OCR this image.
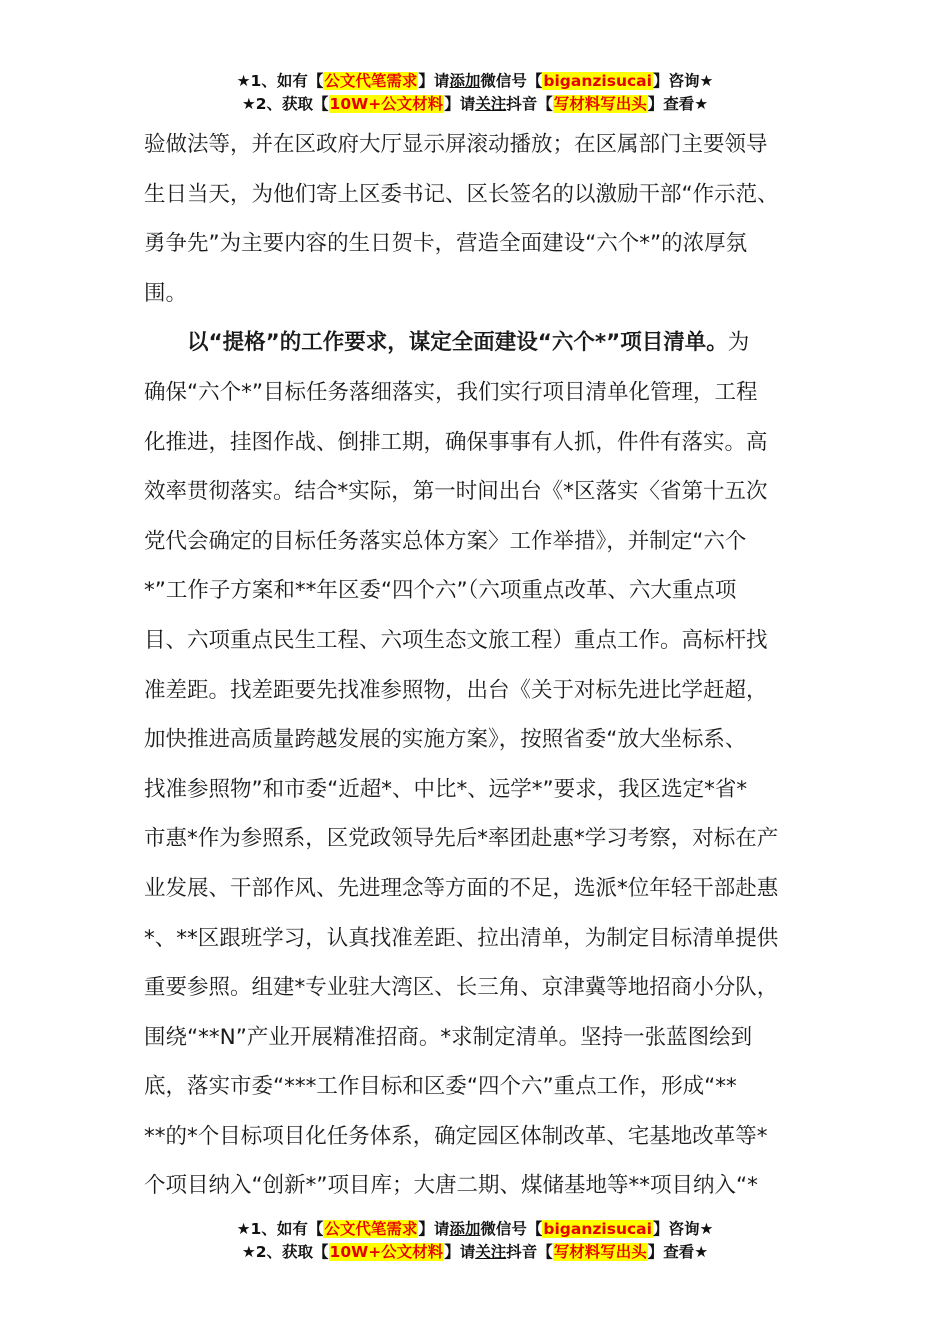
★1、如有【公文代笔需求】请添加微信号【biganzisucai】咨询★
★2、获取【10W+公文材料】请关注抖音【写材料写出头】查看★

验做法等，并在区政府大厅显示屏滚动播放；在区属部门主要领导
生日当天，为他们寄上区委书记、区长签名的以激励干部“作示范、
勇争先”为主要内容的生日贺卡，营造全面建设“六个*”的浓厚氛
围。

　　以“提格”的工作要求，谋定全面建设“六个*”项目清单。为
确保“六个*”目标任务落细落实，我们实行项目清单化管理，工程
化推进，挂图作战、倒排工期，确保事事有人抓，件件有落实。高
效率贯彻落实。结合*实际，第一时间出台《*区落实〈省第十五次
党代会确定的目标任务落实总体方案〉工作举措》，并制定“六个
*”工作子方案和**年区委“四个六”（六项重点改革、六大重点项
目、六项重点民生工程、六项生态文旅工程）重点工作。高标杆找
准差距。找差距要先找准参照物，出台《关于对标先进比学赶超，
加快推进高质量跨越发展的实施方案》，按照省委“放大坐标系、
找准参照物”和市委“近超*、中比*、远学*”要求，我区选定*省*
市惠*作为参照系，区党政领导先后*率团赴惠*学习考察，对标在产
业发展、干部作风、先进理念等方面的不足，选派*位年轻干部赴惠
*、**区跟班学习，认真找准差距、拉出清单，为制定目标清单提供
重要参照。组建*专业驻大湾区、长三角、京津冀等地招商小分队，
围绕“**N”产业开展精准招商。*求制定清单。坚持一张蓝图绘到
底，落实市委“***工作目标和区委“四个六”重点工作，形成“**
**的*个目标项目化任务体系，确定园区体制改革、宅基地改革等*
个项目纳入“创新*”项目库；大唐二期、煤储基地等**项目纳入“*

★1、如有【公文代笔需求】请添加微信号【biganzisucai】咨询★
★2、获取【10W+公文材料】请关注抖音【写材料写出头】查看★
